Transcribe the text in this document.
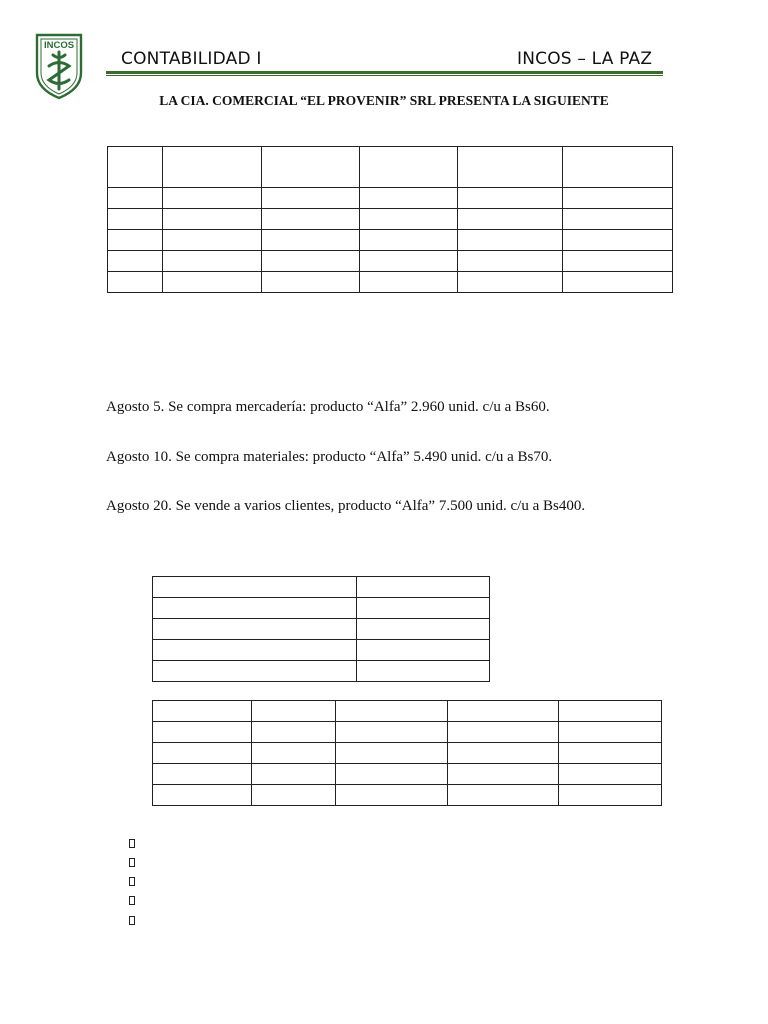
INCOS
CONTABILIDAD I	INCOS – LA PAZ
LA CIA. COMERCIAL “EL PROVENIR” SRL PRESENTA LA SIGUIENTE

Agosto 5. Se compra mercadería: producto “Alfa” 2.960 unid. c/u a Bs60.
Agosto 10. Se compra materiales: producto “Alfa” 5.490 unid. c/u a Bs70.
Agosto 20. Se vende a varios clientes, producto “Alfa” 7.500 unid. c/u a Bs400.
